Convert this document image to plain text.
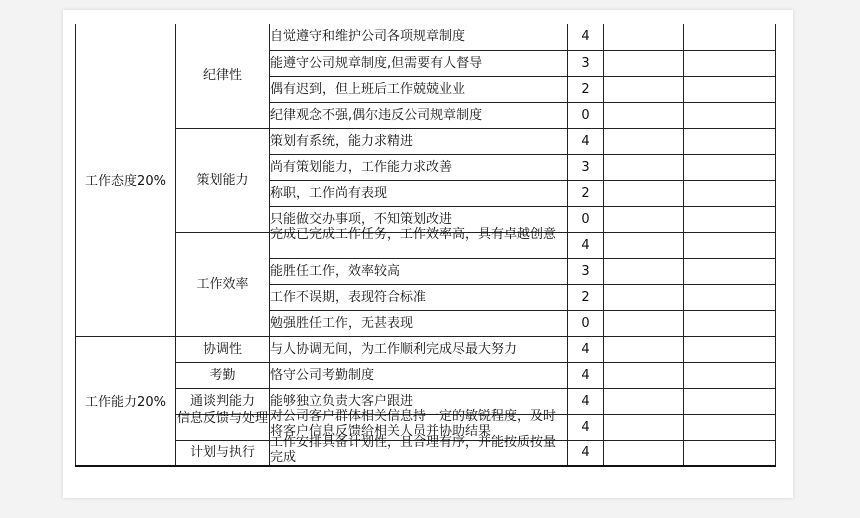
工作态度20%	纪律性	自觉遵守和维护公司各项规章制度	4		
		能遵守公司规章制度,但需要有人督导	3		
		偶有迟到，但上班后工作兢兢业业	2		
		纪律观念不强,偶尔违反公司规章制度	0		
	策划能力	策划有系统，能力求精进	4		
		尚有策划能力，工作能力求改善	3		
		称职，工作尚有表现	2		
		只能做交办事项，不知策划改进	0		
	工作效率	完成已完成工作任务，工作效率高，具有卓越创意	4		
		能胜任工作，效率较高	3		
		工作不误期，表现符合标准	2		
		勉强胜任工作，无甚表现	0		
工作能力20%	协调性	与人协调无间，为工作顺利完成尽最大努力	4		
	考勤	恪守公司考勤制度	4		
	通谈判能力	能够独立负责大客户跟进	4		

	信息反馈与处理	对公司客户群体相关信息持一定的敏锐程度，及时将客户信息反馈给相关人员并协助结果	4		
	计划与执行	工作安排具备计划性，且合理有序，并能按质按量完成	4		
